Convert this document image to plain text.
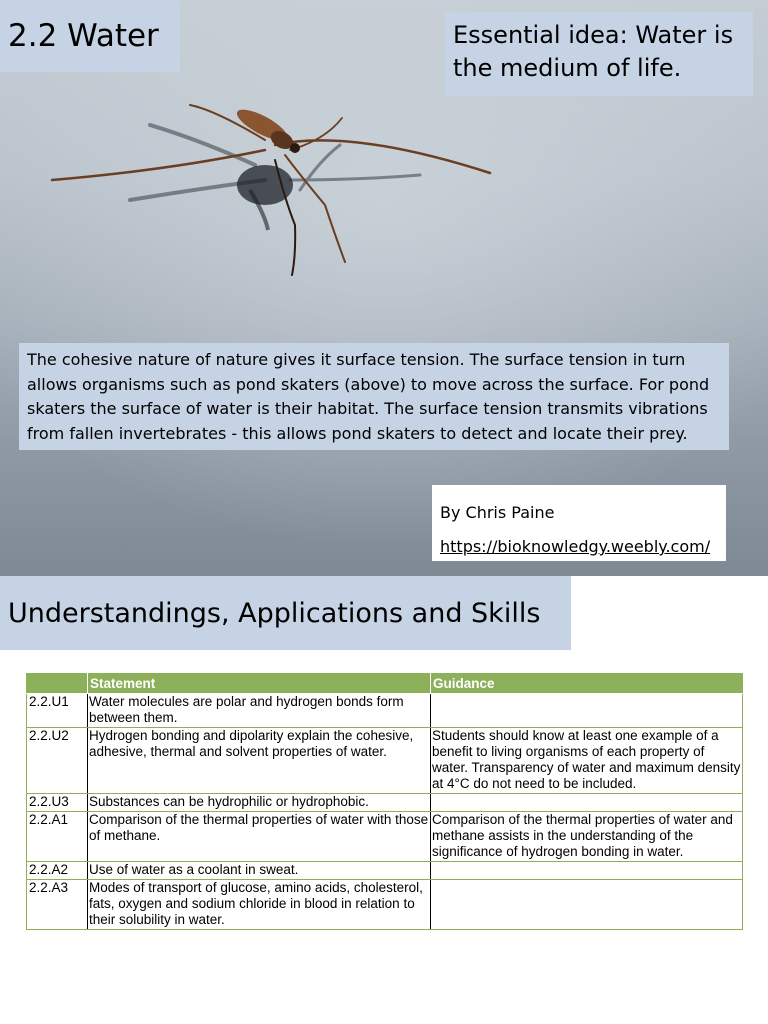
2.2 Water	Essential idea: Water is the medium of life.
The cohesive nature of nature gives it surface tension. The surface tension in turn allows organisms such as pond skaters (above) to move across the surface. For pond skaters the surface of water is their habitat. The surface tension transmits vibrations from fallen invertebrates - this allows pond skaters to detect and locate their prey.
By Chris Paine
https://bioknowledgy.weebly.com/
Understandings, Applications and Skills
	Statement	Guidance
2.2.U1	Water molecules are polar and hydrogen bonds form between them.	
2.2.U2	Hydrogen bonding and dipolarity explain the cohesive, adhesive, thermal and solvent properties of water.	Students should know at least one example of a benefit to living organisms of each property of water. Transparency of water and maximum density at 4°C do not need to be included.
2.2.U3	Substances can be hydrophilic or hydrophobic.	
2.2.A1	Comparison of the thermal properties of water with those of methane.	Comparison of the thermal properties of water and methane assists in the understanding of the significance of hydrogen bonding in water.
2.2.A2	Use of water as a coolant in sweat.	
2.2.A3	Modes of transport of glucose, amino acids, cholesterol, fats, oxygen and sodium chloride in blood in relation to their solubility in water.	
